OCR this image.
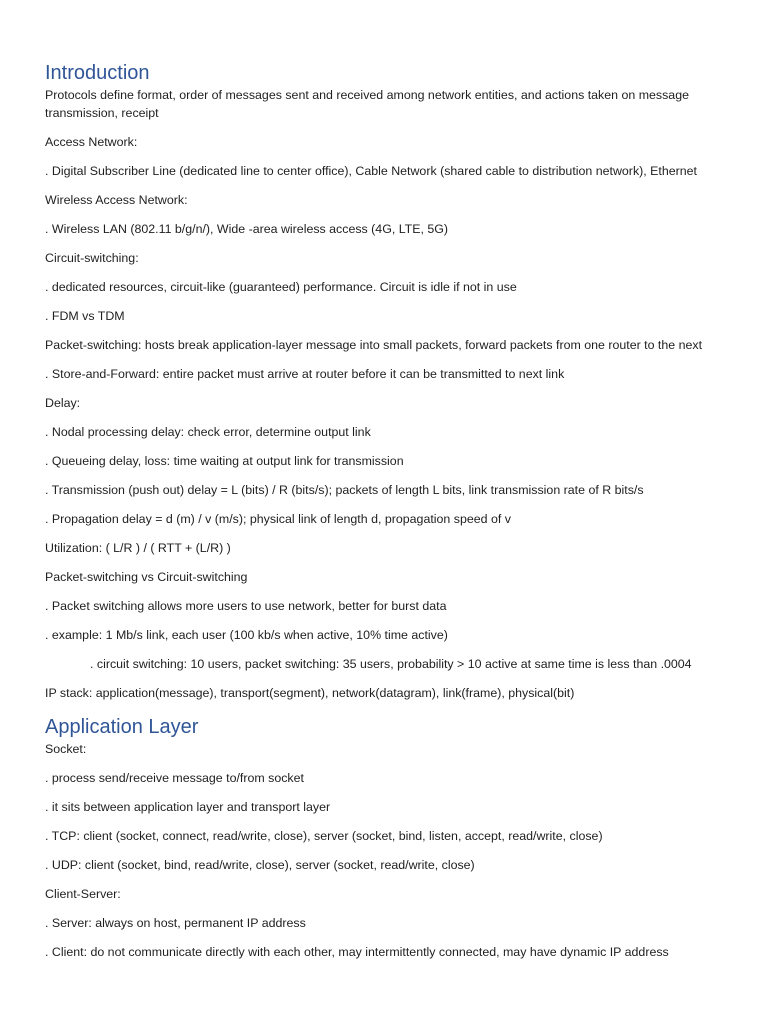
Introduction

Protocols define format, order of messages sent and received among network entities, and actions taken on message transmission, receipt

Access Network:

. Digital Subscriber Line (dedicated line to center office), Cable Network (shared cable to distribution network), Ethernet

Wireless Access Network:

. Wireless LAN (802.11 b/g/n/), Wide -area wireless access (4G, LTE, 5G)

Circuit-switching:

. dedicated resources, circuit-like (guaranteed) performance. Circuit is idle if not in use

. FDM vs TDM

Packet-switching: hosts break application-layer message into small packets, forward packets from one router to the next

. Store-and-Forward: entire packet must arrive at router before it can be transmitted to next link

Delay:

. Nodal processing delay: check error, determine output link

. Queueing delay, loss: time waiting at output link for transmission

. Transmission (push out) delay = L (bits) / R (bits/s); packets of length L bits, link transmission rate of R bits/s

. Propagation delay = d (m) / v (m/s); physical link of length d, propagation speed of v

Utilization: ( L/R ) / ( RTT + (L/R) )

Packet-switching vs Circuit-switching

. Packet switching allows more users to use network, better for burst data

. example: 1 Mb/s link, each user (100 kb/s when active, 10% time active)

. circuit switching: 10 users, packet switching: 35 users, probability > 10 active at same time is less than .0004

IP stack: application(message), transport(segment), network(datagram), link(frame), physical(bit)

Application Layer

Socket:

. process send/receive message to/from socket

. it sits between application layer and transport layer

. TCP: client (socket, connect, read/write, close), server (socket, bind, listen, accept, read/write, close)

. UDP: client (socket, bind, read/write, close), server (socket, read/write, close)

Client-Server:

. Server: always on host, permanent IP address

. Client: do not communicate directly with each other, may intermittently connected, may have dynamic IP address
